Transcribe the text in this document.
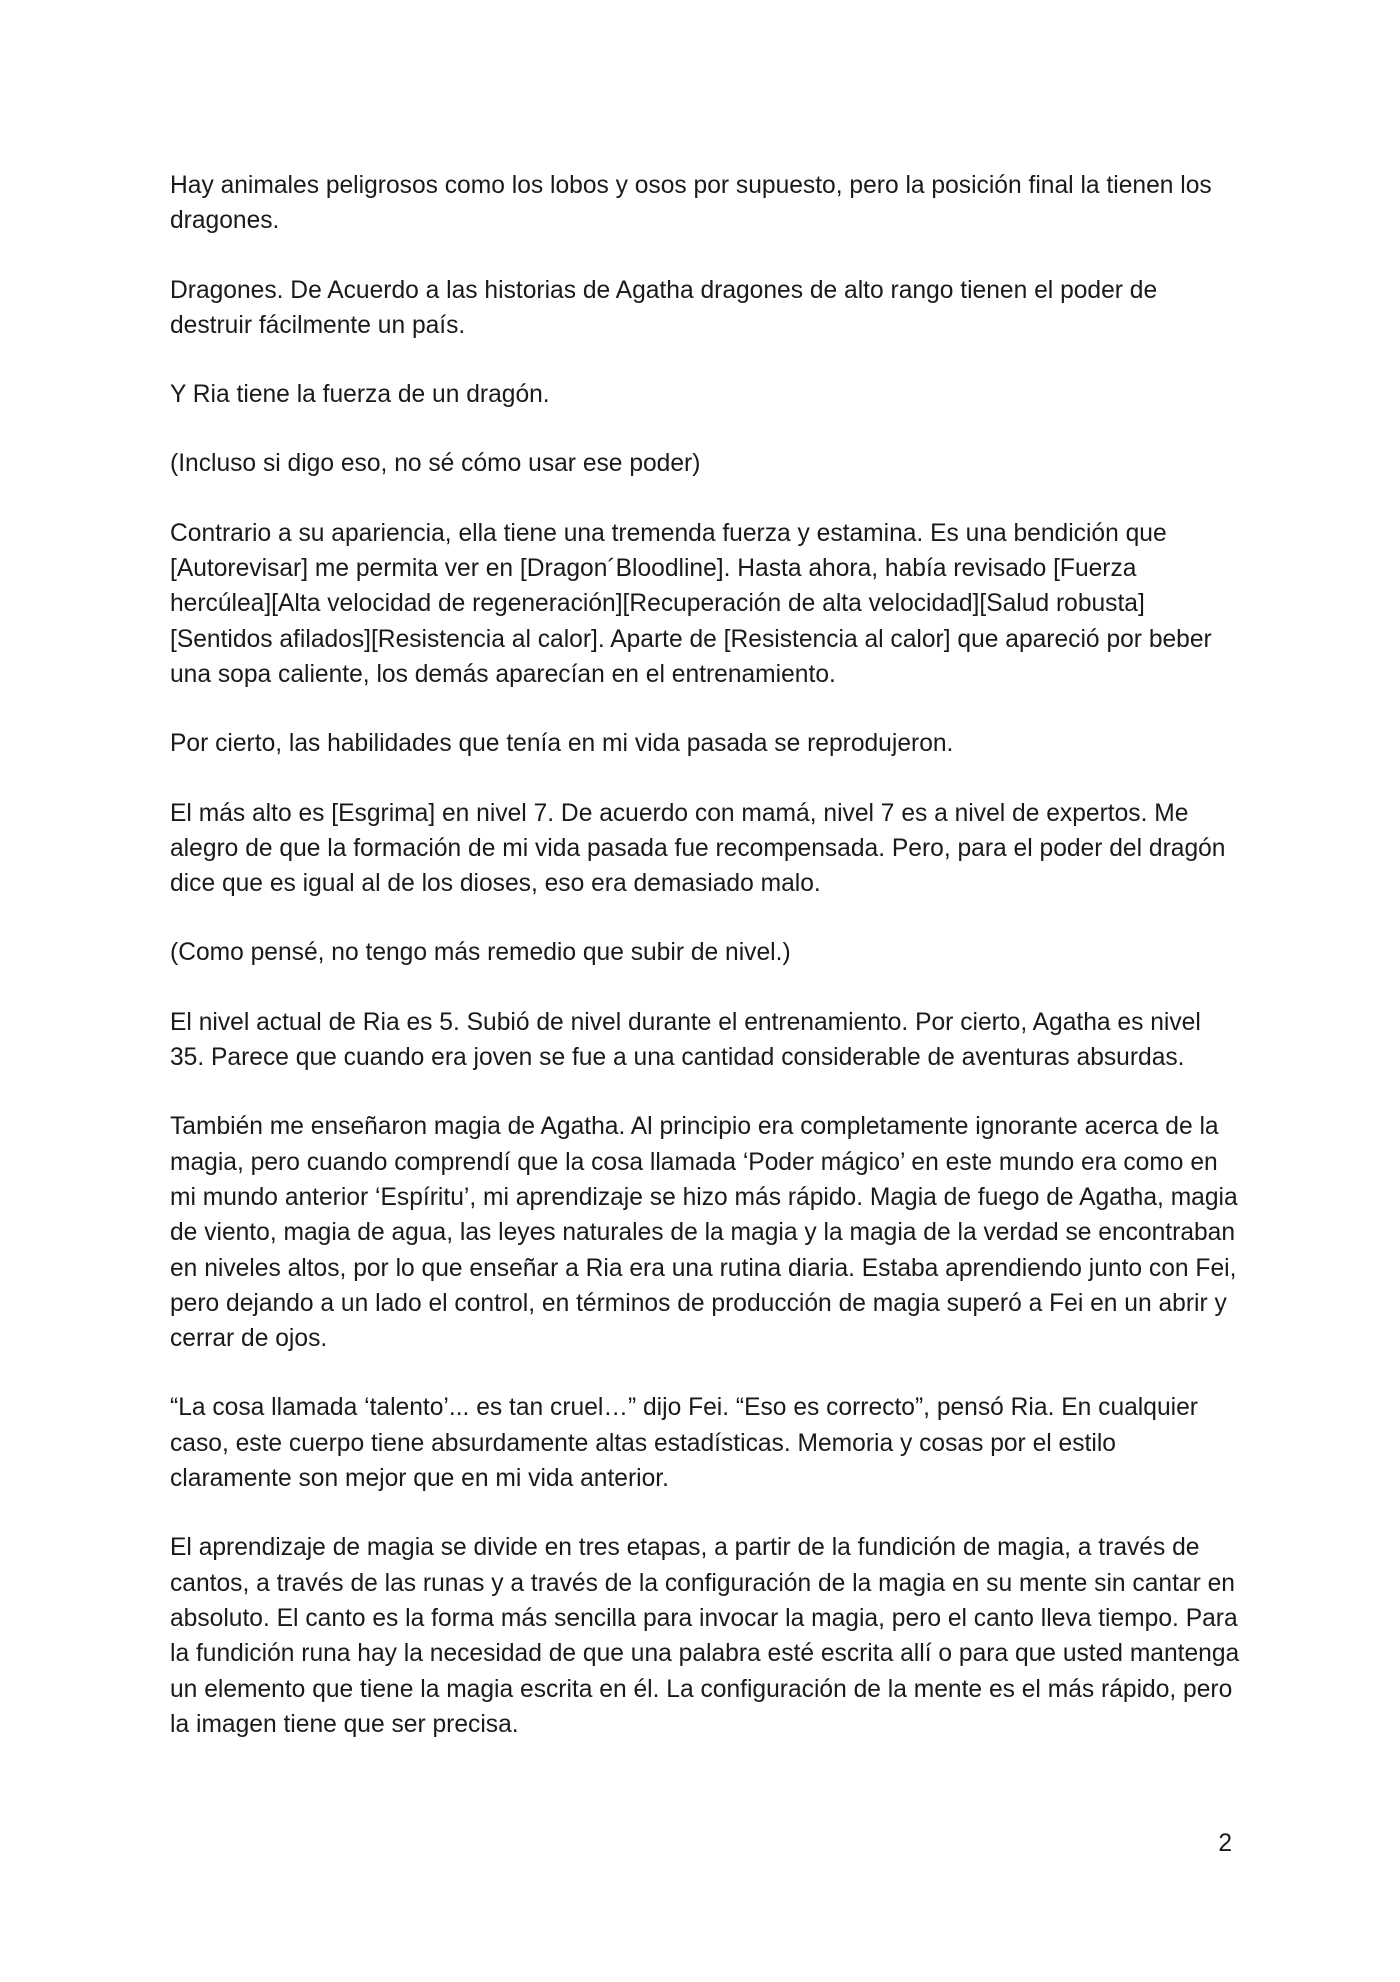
Hay animales peligrosos como los lobos y osos por supuesto, pero la posición final la tienen los dragones.

Dragones. De Acuerdo a las historias de Agatha dragones de alto rango tienen el poder de destruir fácilmente un país.

Y Ria tiene la fuerza de un dragón.

(Incluso si digo eso, no sé cómo usar ese poder)

Contrario a su apariencia, ella tiene una tremenda fuerza y estamina. Es una bendición que [Autorevisar] me permita ver en [Dragon´Bloodline]. Hasta ahora, había revisado [Fuerza hercúlea][Alta velocidad de regeneración][Recuperación de alta velocidad][Salud robusta][Sentidos afilados][Resistencia al calor]. Aparte de [Resistencia al calor] que apareció por beber una sopa caliente, los demás aparecían en el entrenamiento.

Por cierto, las habilidades que tenía en mi vida pasada se reprodujeron.

El más alto es [Esgrima] en nivel 7. De acuerdo con mamá, nivel 7 es a nivel de expertos. Me alegro de que la formación de mi vida pasada fue recompensada. Pero, para el poder del dragón dice que es igual al de los dioses, eso era demasiado malo.

(Como pensé, no tengo más remedio que subir de nivel.)

El nivel actual de Ria es 5. Subió de nivel durante el entrenamiento. Por cierto, Agatha es nivel 35. Parece que cuando era joven se fue a una cantidad considerable de aventuras absurdas.

También me enseñaron magia de Agatha. Al principio era completamente ignorante acerca de la magia, pero cuando comprendí que la cosa llamada ‘Poder mágico’ en este mundo era como en mi mundo anterior ‘Espíritu’, mi aprendizaje se hizo más rápido. Magia de fuego de Agatha, magia de viento, magia de agua, las leyes naturales de la magia y la magia de la verdad se encontraban en niveles altos, por lo que enseñar a Ria era una rutina diaria. Estaba aprendiendo junto con Fei, pero dejando a un lado el control, en términos de producción de magia superó a Fei en un abrir y cerrar de ojos.

“La cosa llamada ‘talento’... es tan cruel…” dijo Fei. “Eso es correcto”, pensó Ria. En cualquier caso, este cuerpo tiene absurdamente altas estadísticas. Memoria y cosas por el estilo claramente son mejor que en mi vida anterior.

El aprendizaje de magia se divide en tres etapas, a partir de la fundición de magia, a través de cantos, a través de las runas y a través de la configuración de la magia en su mente sin cantar en absoluto. El canto es la forma más sencilla para invocar la magia, pero el canto lleva tiempo. Para la fundición runa hay la necesidad de que una palabra esté escrita allí o para que usted mantenga un elemento que tiene la magia escrita en él. La configuración de la mente es el más rápido, pero la imagen tiene que ser precisa.

2
